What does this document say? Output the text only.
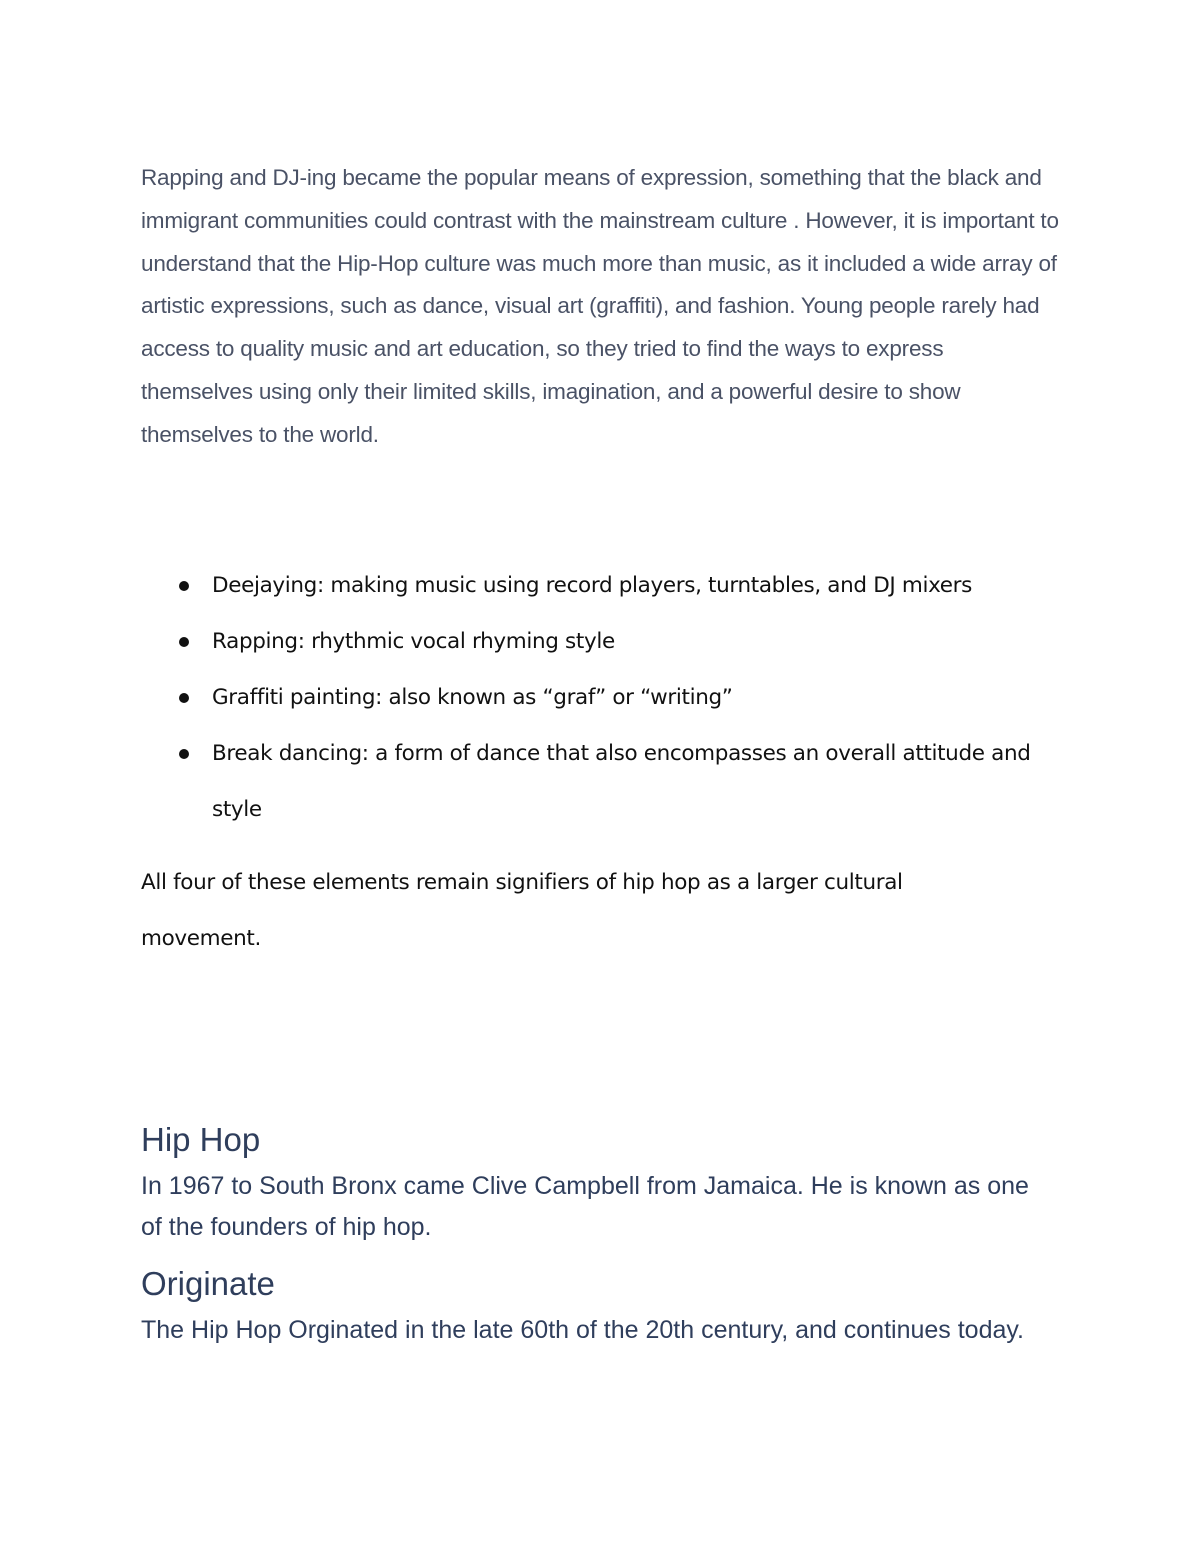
Rapping and DJ-ing became the popular means of expression, something that the black and immigrant communities could contrast with the mainstream culture . However, it is important to understand that the Hip-Hop culture was much more than music, as it included a wide array of artistic expressions, such as dance, visual art (graffiti), and fashion. Young people rarely had access to quality music and art education, so they tried to find the ways to express themselves using only their limited skills, imagination, and a powerful desire to show themselves to the world.

Deejaying: making music using record players, turntables, and DJ mixers
Rapping: rhythmic vocal rhyming style
Graffiti painting: also known as “graf” or “writing”
Break dancing: a form of dance that also encompasses an overall attitude and style

All four of these elements remain signifiers of hip hop as a larger cultural movement.

Hip Hop

In 1967 to South Bronx came Clive Campbell from Jamaica. He is known as one of the founders of hip hop.

Originate

The Hip Hop Orginated in the late 60th of the 20th century, and continues today.
